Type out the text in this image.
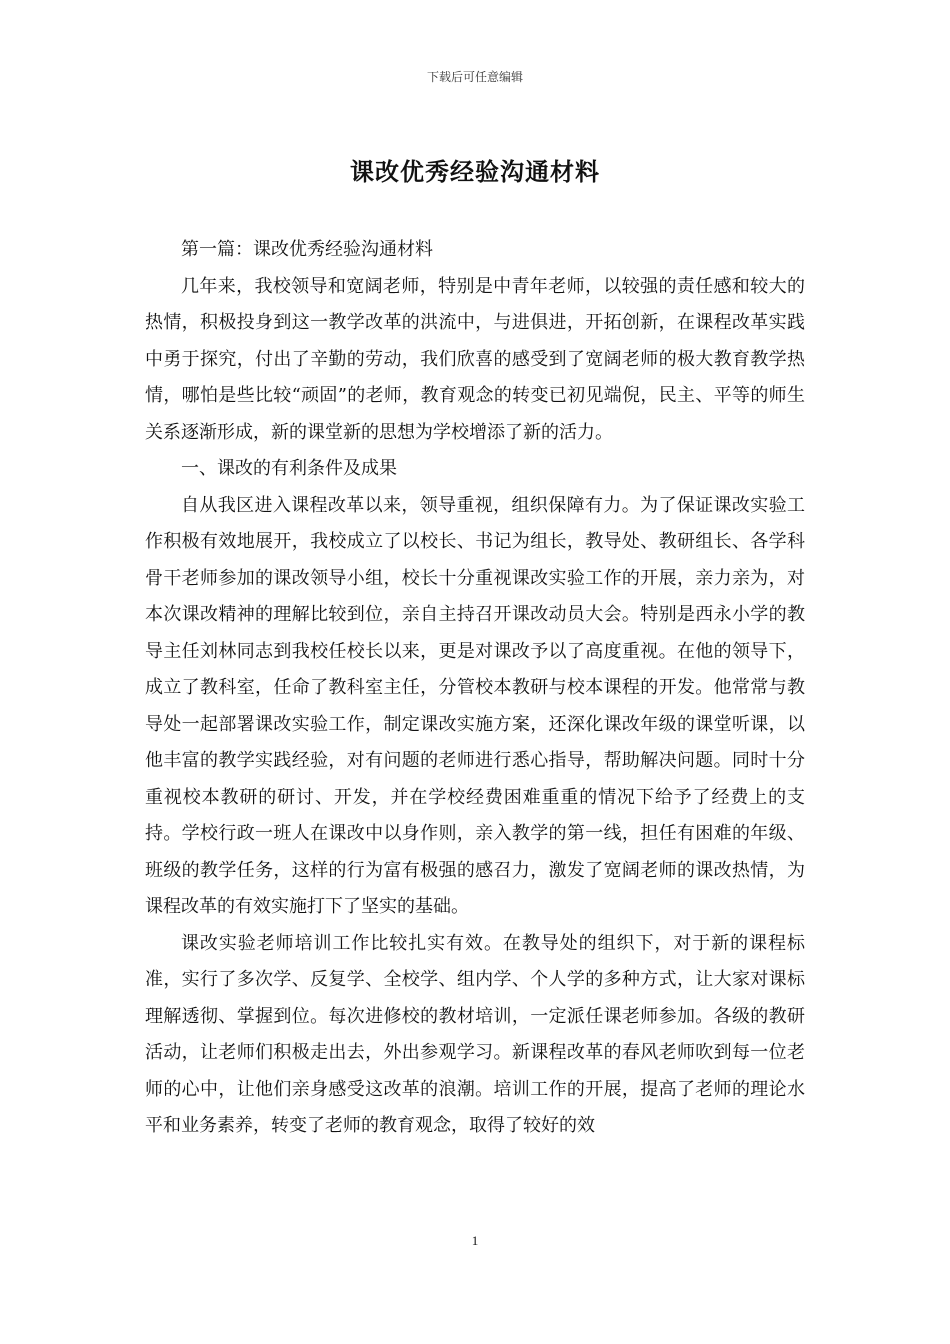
下载后可任意编辑
课改优秀经验沟通材料

第一篇：课改优秀经验沟通材料

几年来，我校领导和宽阔老师，特别是中青年老师，以较强的责任感和较大的热情，积极投身到这一教学改革的洪流中，与进俱进，开拓创新，在课程改革实践中勇于探究，付出了辛勤的劳动，我们欣喜的感受到了宽阔老师的极大教育教学热情，哪怕是些比较“顽固”的老师，教育观念的转变已初见端倪，民主、平等的师生关系逐渐形成，新的课堂新的思想为学校增添了新的活力。

一、课改的有利条件及成果

自从我区进入课程改革以来，领导重视，组织保障有力。为了保证课改实验工作积极有效地展开，我校成立了以校长、书记为组长，教导处、教研组长、各学科骨干老师参加的课改领导小组，校长十分重视课改实验工作的开展，亲力亲为，对本次课改精神的理解比较到位，亲自主持召开课改动员大会。特别是西永小学的教导主任刘林同志到我校任校长以来，更是对课改予以了高度重视。在他的领导下，成立了教科室，任命了教科室主任，分管校本教研与校本课程的开发。他常常与教导处一起部署课改实验工作，制定课改实施方案，还深化课改年级的课堂听课，以他丰富的教学实践经验，对有问题的老师进行悉心指导，帮助解决问题。同时十分重视校本教研的研讨、开发，并在学校经费困难重重的情况下给予了经费上的支持。学校行政一班人在课改中以身作则，亲入教学的第一线，担任有困难的年级、班级的教学任务，这样的行为富有极强的感召力，激发了宽阔老师的课改热情，为课程改革的有效实施打下了坚实的基础。

课改实验老师培训工作比较扎实有效。在教导处的组织下，对于新的课程标准，实行了多次学、反复学、全校学、组内学、个人学的多种方式，让大家对课标理解透彻、掌握到位。每次进修校的教材培训，一定派任课老师参加。各级的教研活动，让老师们积极走出去，外出参观学习。新课程改革的春风老师吹到每一位老师的心中，让他们亲身感受这改革的浪潮。培训工作的开展，提高了老师的理论水平和业务素养，转变了老师的教育观念，取得了较好的效

1
